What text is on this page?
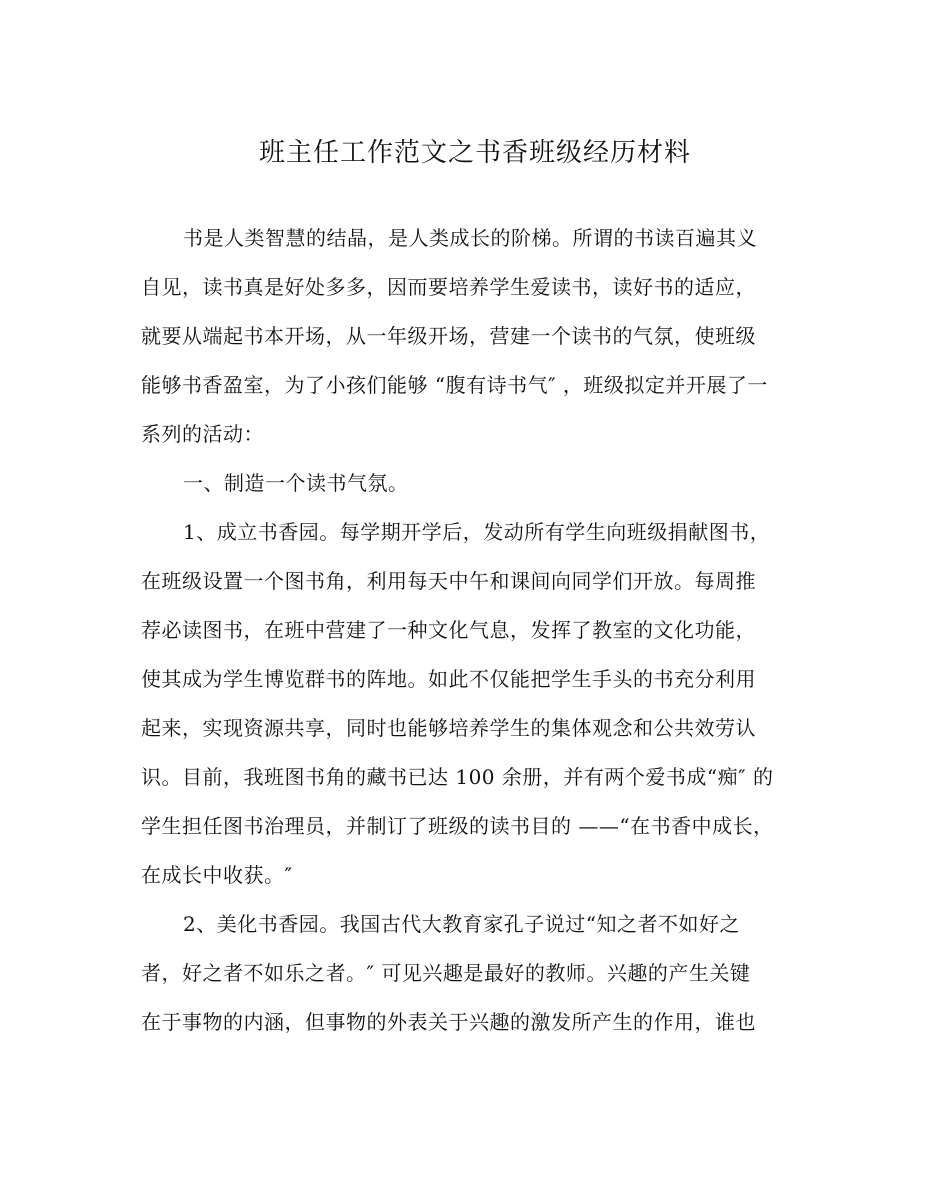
班主任工作范文之书香班级经历材料
书是人类智慧的结晶，是人类成长的阶梯。所谓的书读百遍其义
自见，读书真是好处多多，因而要培养学生爱读书，读好书的适应，
就要从端起书本开场，从一年级开场，营建一个读书的气氛，使班级
能够书香盈室，为了小孩们能够 “腹有诗书气″ ，班级拟定并开展了一
系列的活动：
一、制造一个读书气氛。
1、成立书香园。每学期开学后，发动所有学生向班级捐献图书，
在班级设置一个图书角，利用每天中午和课间向同学们开放。每周推
荐必读图书，在班中营建了一种文化气息，发挥了教室的文化功能，
使其成为学生博览群书的阵地。如此不仅能把学生手头的书充分利用
起来，实现资源共享，同时也能够培养学生的集体观念和公共效劳认
识。目前，我班图书角的藏书已达 100 余册，并有两个爱书成“痴″ 的
学生担任图书治理员，并制订了班级的读书目的 ——“在书香中成长，
在成长中收获。″
2、美化书香园。我国古代大教育家孔子说过“知之者不如好之
者，好之者不如乐之者。″ 可见兴趣是最好的教师。兴趣的产生关键
在于事物的内涵，但事物的外表关于兴趣的激发所产生的作用，谁也
